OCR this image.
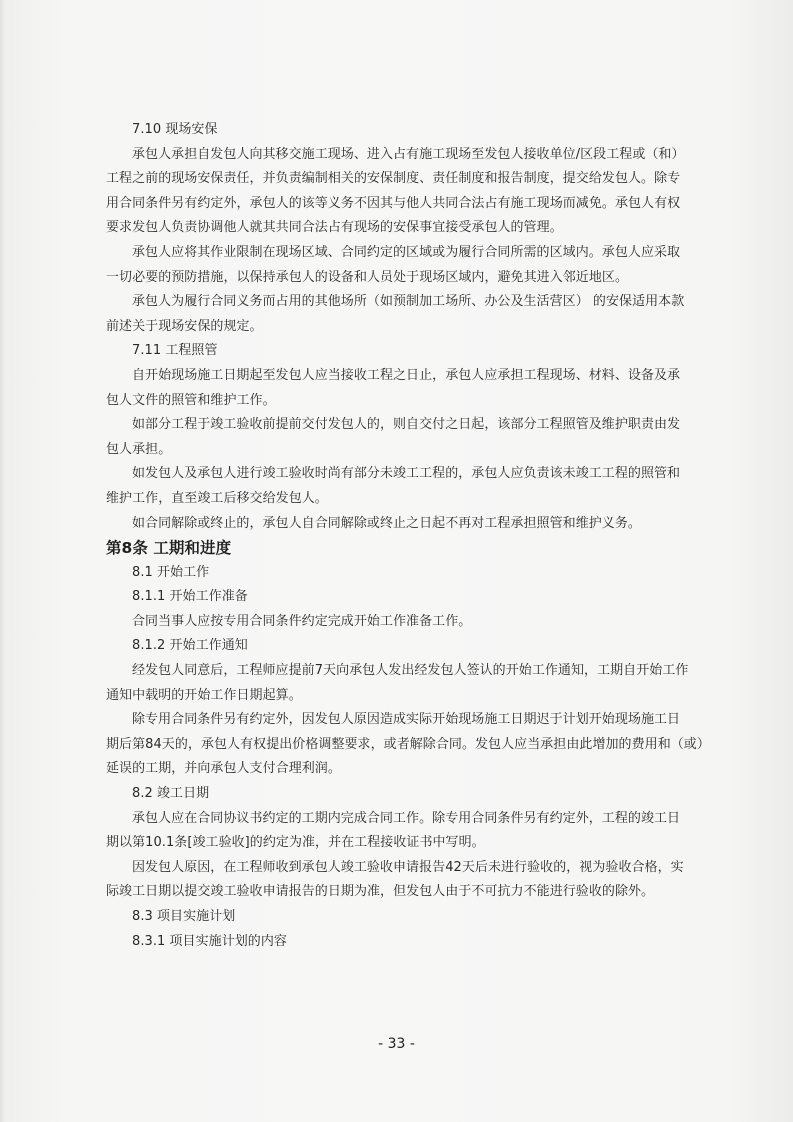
7.10 现场安保
承包人承担自发包人向其移交施工现场、进入占有施工现场至发包人接收单位/区段工程或（和）
工程之前的现场安保责任，并负责编制相关的安保制度、责任制度和报告制度，提交给发包人。除专
用合同条件另有约定外，承包人的该等义务不因其与他人共同合法占有施工现场而减免。承包人有权
要求发包人负责协调他人就其共同合法占有现场的安保事宜接受承包人的管理。
承包人应将其作业限制在现场区域、合同约定的区域或为履行合同所需的区域内。承包人应采取
一切必要的预防措施，以保持承包人的设备和人员处于现场区域内，避免其进入邻近地区。
承包人为履行合同义务而占用的其他场所（如预制加工场所、办公及生活营区） 的安保适用本款
前述关于现场安保的规定。
7.11 工程照管
自开始现场施工日期起至发包人应当接收工程之日止，承包人应承担工程现场、材料、设备及承
包人文件的照管和维护工作。
如部分工程于竣工验收前提前交付发包人的，则自交付之日起，该部分工程照管及维护职责由发
包人承担。
如发包人及承包人进行竣工验收时尚有部分未竣工工程的，承包人应负责该未竣工工程的照管和
维护工作，直至竣工后移交给发包人。
如合同解除或终止的，承包人自合同解除或终止之日起不再对工程承担照管和维护义务。
第8条 工期和进度
8.1 开始工作
8.1.1 开始工作准备
合同当事人应按专用合同条件约定完成开始工作准备工作。
8.1.2 开始工作通知
经发包人同意后，工程师应提前7天向承包人发出经发包人签认的开始工作通知，工期自开始工作
通知中载明的开始工作日期起算。
除专用合同条件另有约定外，因发包人原因造成实际开始现场施工日期迟于计划开始现场施工日
期后第84天的，承包人有权提出价格调整要求，或者解除合同。发包人应当承担由此增加的费用和（或）
延误的工期，并向承包人支付合理利润。
8.2 竣工日期
承包人应在合同协议书约定的工期内完成合同工作。除专用合同条件另有约定外，工程的竣工日
期以第10.1条[竣工验收]的约定为准，并在工程接收证书中写明。
因发包人原因，在工程师收到承包人竣工验收申请报告42天后未进行验收的，视为验收合格，实
际竣工日期以提交竣工验收申请报告的日期为准，但发包人由于不可抗力不能进行验收的除外。
8.3 项目实施计划
8.3.1 项目实施计划的内容
- 33 -
